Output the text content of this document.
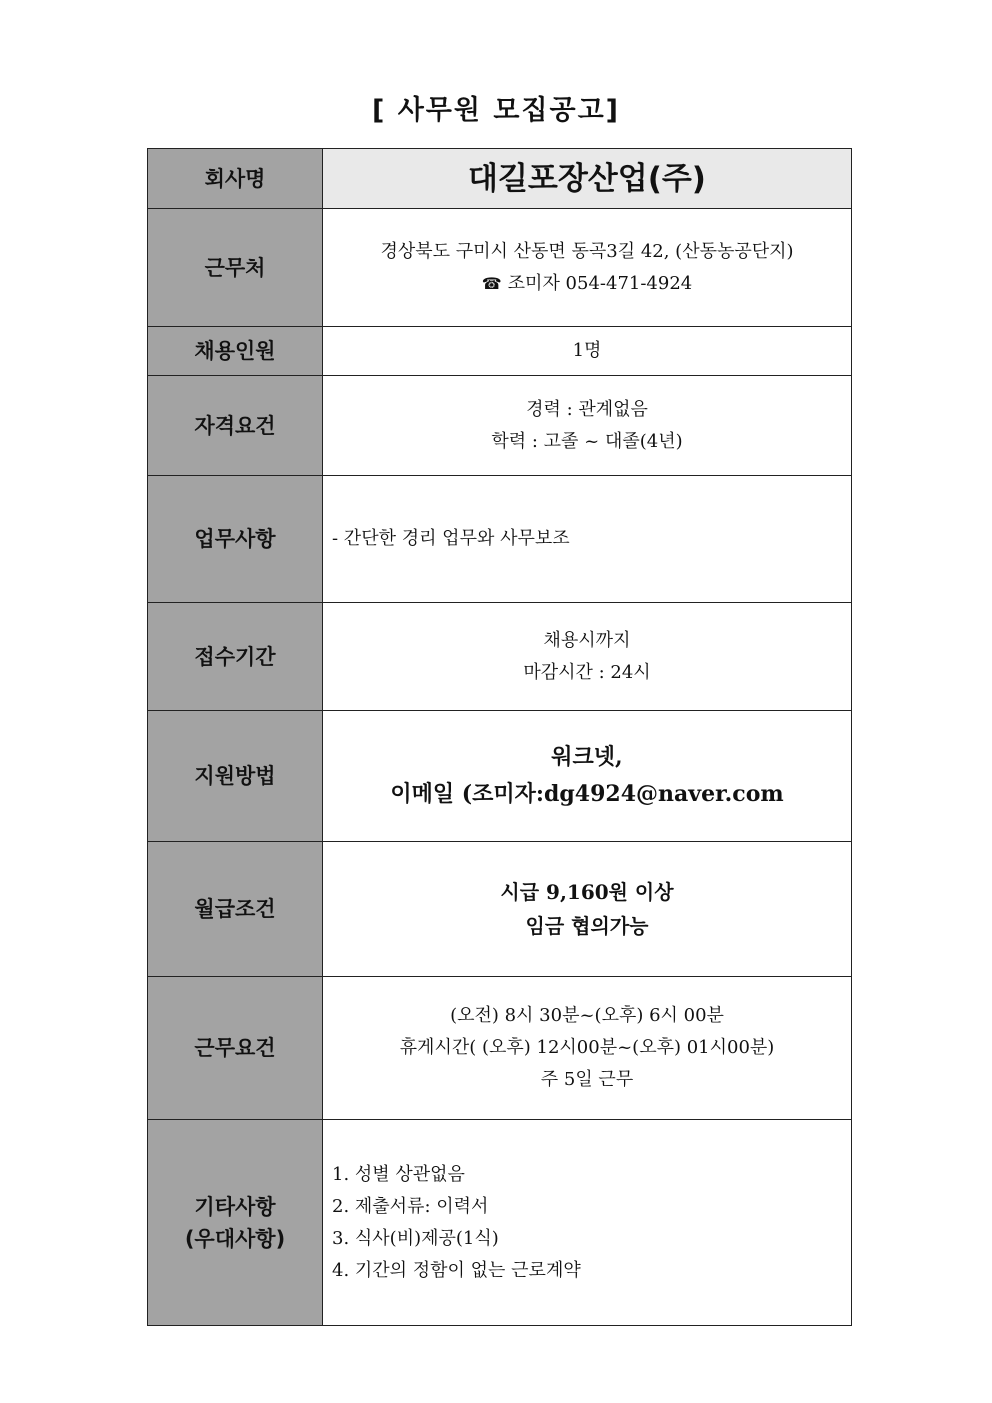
[ 사무원 모집공고]
회사명	대길포장산업(주)
근무처	경상북도 구미시 산동면 동곡3길 42, (산동농공단지)
☎ 조미자 054-471-4924

채용인원	1명
자격요건	경력 : 관계없음
학력 : 고졸 ~ 대졸(4년)

업무사항	- 간단한 경리 업무와 사무보조
접수기간	채용시까지
마감시간 : 24시

지원방법	워크넷,
이메일 (조미자:dg4924@naver.com

월급조건	시급 9,160원 이상
임금 협의가능

근무요건	(오전) 8시 30분~(오후) 6시 00분
휴게시간( (오후) 12시00분~(오후) 01시00분)
주 5일 근무

기타사항
(우대사항)	1. 성별 상관없음
2. 제출서류: 이력서
3. 식사(비)제공(1식)
4. 기간의 정함이 없는 근로계약
